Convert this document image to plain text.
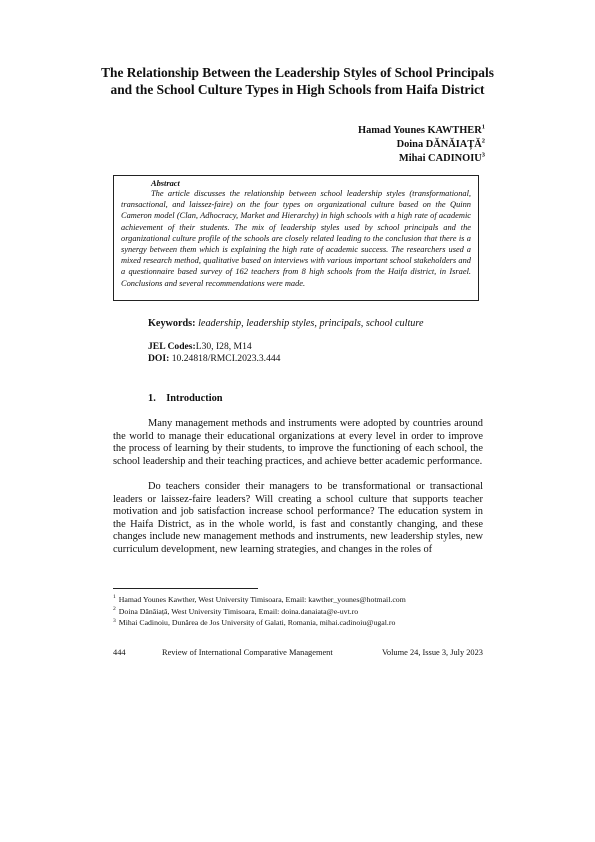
The Relationship Between the Leadership Styles of School Principals and the School Culture Types in High Schools from Haifa District
Hamad Younes KAWTHER$^1$
Doina DĂNĂIAȚĂ$^2$
Mihai CADINOIU$^3$
Abstract

The article discusses the relationship between school leadership styles (transformational, transactional, and laissez-faire) on the four types on organizational culture based on the Quinn Cameron model (Clan, Adhocracy, Market and Hierarchy) in high schools with a high rate of academic achievement of their students. The mix of leadership styles used by school principals and the organizational culture profile of the schools are closely related leading to the conclusion that there is a synergy between them which is explaining the high rate of academic success. The researchers used a mixed research method, qualitative based on interviews with various important school stakeholders and a questionnaire based survey of 162 teachers from 8 high schools from the Haifa district, in Israel. Conclusions and several recommendations were made.

Keywords: leadership, leadership styles, principals, school culture
JEL Codes:L30, I28, M14
DOI: 10.24818/RMCI.2023.3.444
1. Introduction

Many management methods and instruments were adopted by countries around the world to manage their educational organizations at every level in order to improve the process of learning by their students, to improve the functioning of each school, the school leadership and their teaching practices, and achieve better academic performance.

Do teachers consider their managers to be transformational or transactional leaders or laissez-faire leaders? Will creating a school culture that supports teacher motivation and job satisfaction increase school performance? The education system in the Haifa District, as in the whole world, is fast and constantly changing, and these changes include new management methods and instruments, new leadership styles, new curriculum development, new learning strategies, and changes in the roles of

$^1$ Hamad Younes Kawther, West University Timisoara, Email: kawther_younes@hotmail.com
$^2$ Doina Dănăiață, West University Timisoara, Email: doina.danaiata@e-uvt.ro
$^3$ Mihai Cadinoiu, Dunărea de Jos University of Galati, Romania, mihai.cadinoiu@ugal.ro
444	Review of International Comparative Management	Volume 24, Issue 3, July 2023
